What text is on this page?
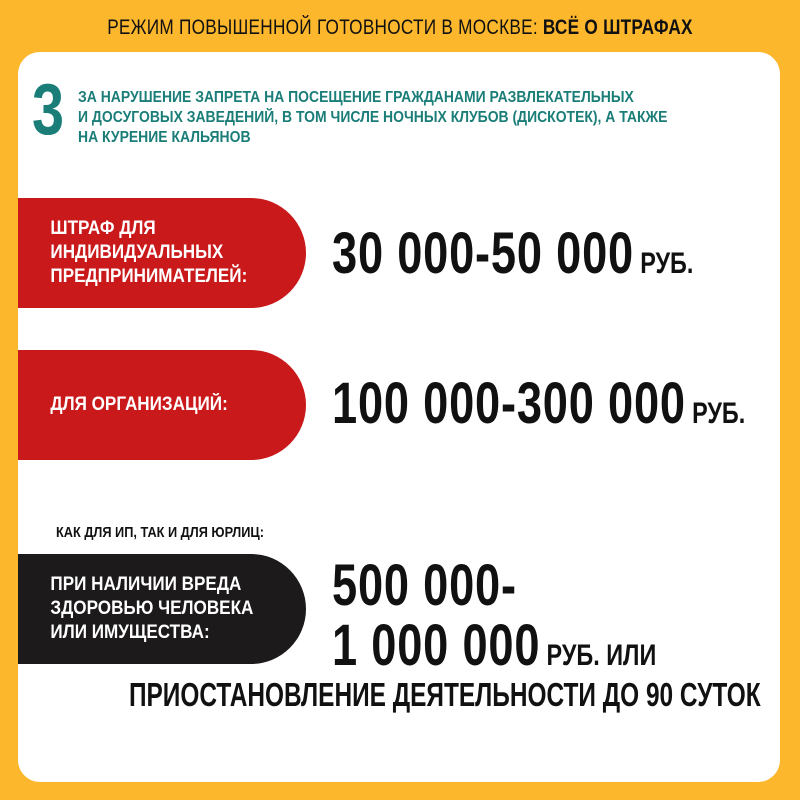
РЕЖИМ ПОВЫШЕННОЙ ГОТОВНОСТИ В МОСКВЕ: ВСЁ О ШТРАФАХ
3 ЗА НАРУШЕНИЕ ЗАПРЕТА НА ПОСЕЩЕНИЕ ГРАЖДАНАМИ РАЗВЛЕКАТЕЛЬНЫХ
И ДОСУГОВЫХ ЗАВЕДЕНИЙ, В ТОМ ЧИСЛЕ НОЧНЫХ КЛУБОВ (ДИСКОТЕК), А ТАКЖЕ
НА КУРЕНИЕ КАЛЬЯНОВ
ШТРАФ ДЛЯ
ИНДИВИДУАЛЬНЫХ
ПРЕДПРИНИМАТЕЛЕЙ: 30 000-50 000 РУБ.
ДЛЯ ОРГАНИЗАЦИЙ: 100 000-300 000 РУБ.
КАК ДЛЯ ИП, ТАК И ДЛЯ ЮРЛИЦ:
ПРИ НАЛИЧИИ ВРЕДА
ЗДОРОВЬЮ ЧЕЛОВЕКА
ИЛИ ИМУЩЕСТВА:
500 000-
1 000 000 РУБ. ИЛИ
ПРИОСТАНОВЛЕНИЕ ДЕЯТЕЛЬНОСТИ ДО 90 СУТОК
